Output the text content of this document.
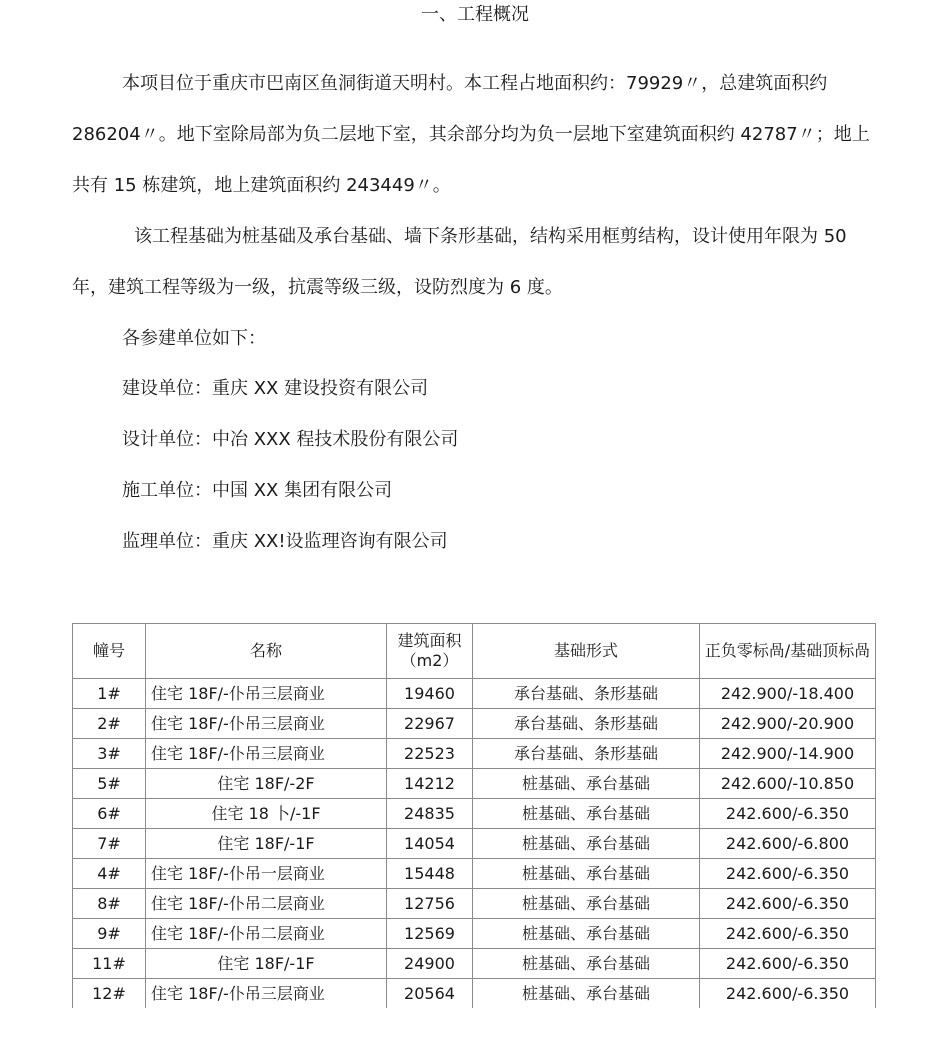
一、工程概况

本项目位于重庆市巴南区鱼洞街道天明村。本工程占地面积约：79929〃，总建筑面积约 286204〃。地下室除局部为负二层地下室，其余部分均为负一层地下室建筑面积约 42787〃；地上共有 15 栋建筑，地上建筑面积约 243449〃。

该工程基础为桩基础及承台基础、墙下条形基础，结构采用框剪结构，设计使用年限为 50 年，建筑工程等级为一级，抗震等级三级，设防烈度为 6 度。

各参建单位如下：
建设单位：重庆 XX 建设投资有限公司
设计单位：中冶 XXX 程技术股份有限公司
施工单位：中国 XX 集团有限公司
监理单位：重庆 XX!设监理咨询有限公司
幢号	名称	建筑面积（m2）	基础形式	正负零标咼/基础顶标咼
1#	住宅 18F/-仆吊三层商业	19460	承台基础、条形基础	242.900/-18.400
2#	住宅 18F/-仆吊三层商业	22967	承台基础、条形基础	242.900/-20.900
3#	住宅 18F/-仆吊三层商业	22523	承台基础、条形基础	242.900/-14.900
5#	住宅 18F/-2F	14212	桩基础、承台基础	242.600/-10.850
6#	住宅 18 卜/-1F	24835	桩基础、承台基础	242.600/-6.350
7#	住宅 18F/-1F	14054	桩基础、承台基础	242.600/-6.800
4#	住宅 18F/-仆吊一层商业	15448	桩基础、承台基础	242.600/-6.350
8#	住宅 18F/-仆吊二层商业	12756	桩基础、承台基础	242.600/-6.350
9#	住宅 18F/-仆吊二层商业	12569	桩基础、承台基础	242.600/-6.350
11#	住宅 18F/-1F	24900	桩基础、承台基础	242.600/-6.350
12#	住宅 18F/-仆吊三层商业	20564	桩基础、承台基础	242.600/-6.350
